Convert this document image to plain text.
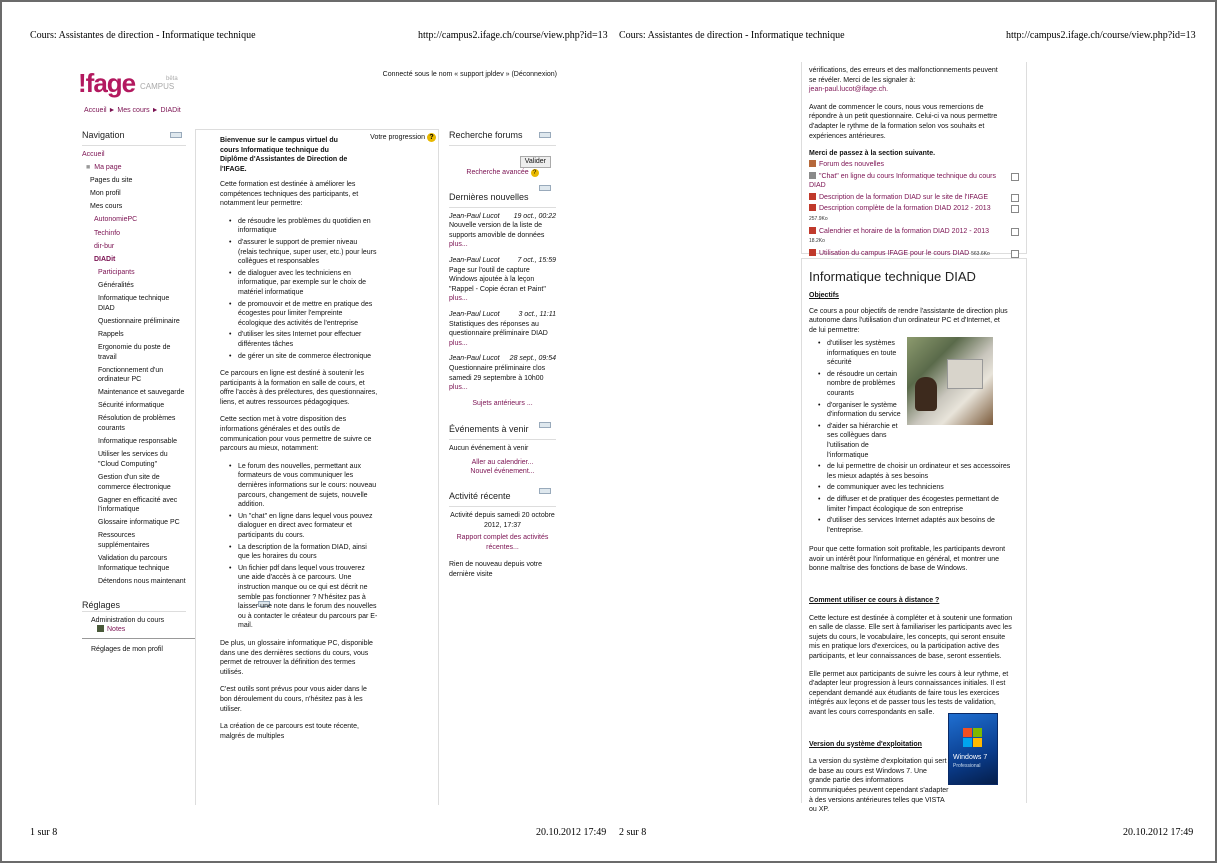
Cours: Assistantes de direction - Informatique technique	http://campus2.ifage.ch/course/view.php?id=13
!fage CAMPUS
bêta
Connecté sous le nom « support jpldev » (Déconnexion)
Accueil ► Mes cours ► DIADit
Navigation
Accueil
■ Ma page
Pages du site
Mon profil
Mes cours
AutonomiePC
Techinfo
dir-bur
DIADit
Participants
Généralités
Informatique technique DIAD
Questionnaire préliminaire
Rappels
Ergonomie du poste de travail
Fonctionnement d'un ordinateur PC
Maintenance et sauvegarde
Sécurité informatique
Résolution de problèmes courants
Informatique responsable
Utiliser les services du "Cloud Computing"
Gestion d'un site de commerce électronique
Gagner en efficacité avec l'informatique
Glossaire informatique PC
Ressources supplémentaires
Validation du parcours Informatique technique
Détendons nous maintenant
Réglages
Administration du cours
Notes
Réglages de mon profil
Votre progression ?
Bienvenue sur le campus virtuel du cours Informatique technique du Diplôme d'Assistantes de Direction de l'IFAGE.

Cette formation est destinée à améliorer les compétences techniques des participants, et notamment leur permettre:

• de résoudre les problèmes du quotidien en informatique
• d'assurer le support de premier niveau (relais technique, super user, etc.) pour leurs collègues et responsables
• de dialoguer avec les techniciens en informatique, par exemple sur le choix de matériel informatique
• de promouvoir et de mettre en pratique des écogestes pour limiter l'empreinte écologique des activités de l'entreprise
• d'utiliser les sites Internet pour effectuer différentes tâches
• de gérer un site de commerce électronique

Ce parcours en ligne est destiné à soutenir les participants à la formation en salle de cours, et offre l'accès à des prélectures, des questionnaires, liens, et autres ressources pédagogiques.

Cette section met à votre disposition des informations générales et des outils de communication pour vous permettre de suivre ce parcours au mieux, notamment:

• Le forum des nouvelles, permettant aux formateurs de vous communiquer les dernières informations sur le cours: nouveau parcours, changement de sujets, nouvelle addition.
• Un "chat" en ligne dans lequel vous pouvez dialoguer en direct avec formateur et participants du cours.
• La description de la formation DIAD, ainsi que les horaires du cours
• Un fichier pdf dans lequel vous trouverez une aide d'accès à ce parcours. Une instruction manque ou ce qui est décrit ne semble pas fonctionner ? N'hésitez pas à laisser une note dans le forum des nouvelles ou à contacter le créateur du parcours par E-mail.

De plus, un glossaire informatique PC, disponible dans une des dernières sections du cours, vous permet de retrouver la définition des termes utilisés.

C'est outils sont prévus pour vous aider dans le bon déroulement du cours, n'hésitez pas à les utiliser.

La création de ce parcours est toute récente, malgrés de multiples

Recherche forums
Valider
Recherche avancée ?
Dernières nouvelles
Jean-Paul Lucot 19 oct., 00:22
Nouvelle version de la liste de supports amovible de données
plus...
Jean-Paul Lucot	7 oct., 15:59
Page sur l'outil de capture Windows ajoutée à la leçon "Rappel - Copie écran et Paint"
plus...
Jean-Paul Lucot	3 oct., 11:11
Statistiques des réponses au questionnaire préliminaire DIAD
plus...
Jean-Paul Lucot 28 sept., 09:54
Questionnaire préliminaire clos samedi 29 septembre à 10h00
plus...
Sujets antérieurs ...
Événements à venir
Aucun événement à venir
Aller au calendrier...
Nouvel événement...
Activité récente
Activité depuis samedi 20 octobre 2012, 17:37
Rapport complet des activités récentes...
Rien de nouveau depuis votre dernière visite
1 sur 8	20.10.2012 17:49
Cours: Assistantes de direction - Informatique technique	http://campus2.ifage.ch/course/view.php?id=13

vérifications, des erreurs et des malfonctionnements peuvent se révéler. Merci de les signaler à:

jean-paul.lucot@ifage.ch.

Avant de commencer le cours, nous vous remercions de répondre à un petit questionnaire. Celui-ci va nous permettre d'adapter le rythme de la formation selon vos souhaits et expériences antérieures.

Merci de passez à la section suivante.

Forum des nouvelles
"Chat" en ligne du cours Informatique technique du cours DIAD
Description de la formation DIAD sur le site de l'IFAGE
Description complète de la formation DIAD 2012 - 2013 257.9Ko
Calendrier et horaire de la formation DIAD 2012 - 2013 18.2Ko
Utilisation du campus IFAGE pour le cours DIAD 563.6Ko
Informatique technique DIAD

Objectifs

Ce cours a pour objectifs de rendre l'assistante de direction plus autonome dans l'utilisation d'un ordinateur PC et d'Internet, et de lui permettre:

• d'utiliser les systèmes informatiques en toute sécurité
• de résoudre un certain nombre de problèmes courants
• d'organiser le système d'information du service
• d'aider sa hiérarchie et ses collègues dans l'utilisation de l'informatique
• de lui permettre de choisir un ordinateur et ses accessoires les mieux adaptés à ses besoins
• de communiquer avec les techniciens
• de diffuser et de pratiquer des écogestes permettant de limiter l'impact écologique de son entreprise
• d'utiliser des services Internet adaptés aux besoins de l'entreprise.

Pour que cette formation soit profitable, les participants devront avoir un intérêt pour l'informatique en général, et montrer une bonne maîtrise des fonctions de base de Windows.

Comment utiliser ce cours à distance ?

Cette lecture est destinée à compléter et à soutenir une formation en salle de classe. Elle sert à familiariser les participants avec les sujets du cours, le vocabulaire, les concepts, qui seront ensuite mis en pratique lors d'exercices, ou la participation active des participants, et leur connaissances de base, seront essentiels.

Elle permet aux participants de suivre les cours à leur rythme, et d'adapter leur progression à leurs connaissances initiales. Il est cependant demandé aux étudiants de faire tous les exercices intégrés aux leçons et de passer tous les tests de validation, avant les cours correspondants en salle.

Version du système d'exploitation

La version du système d'exploitation qui sert de base au cours est Windows 7. Une grande partie des informations communiquées peuvent cependant s'adapter à des versions antérieures telles que VISTA ou XP.

Windows 7
Professional
2 sur 8	20.10.2012 17:49
